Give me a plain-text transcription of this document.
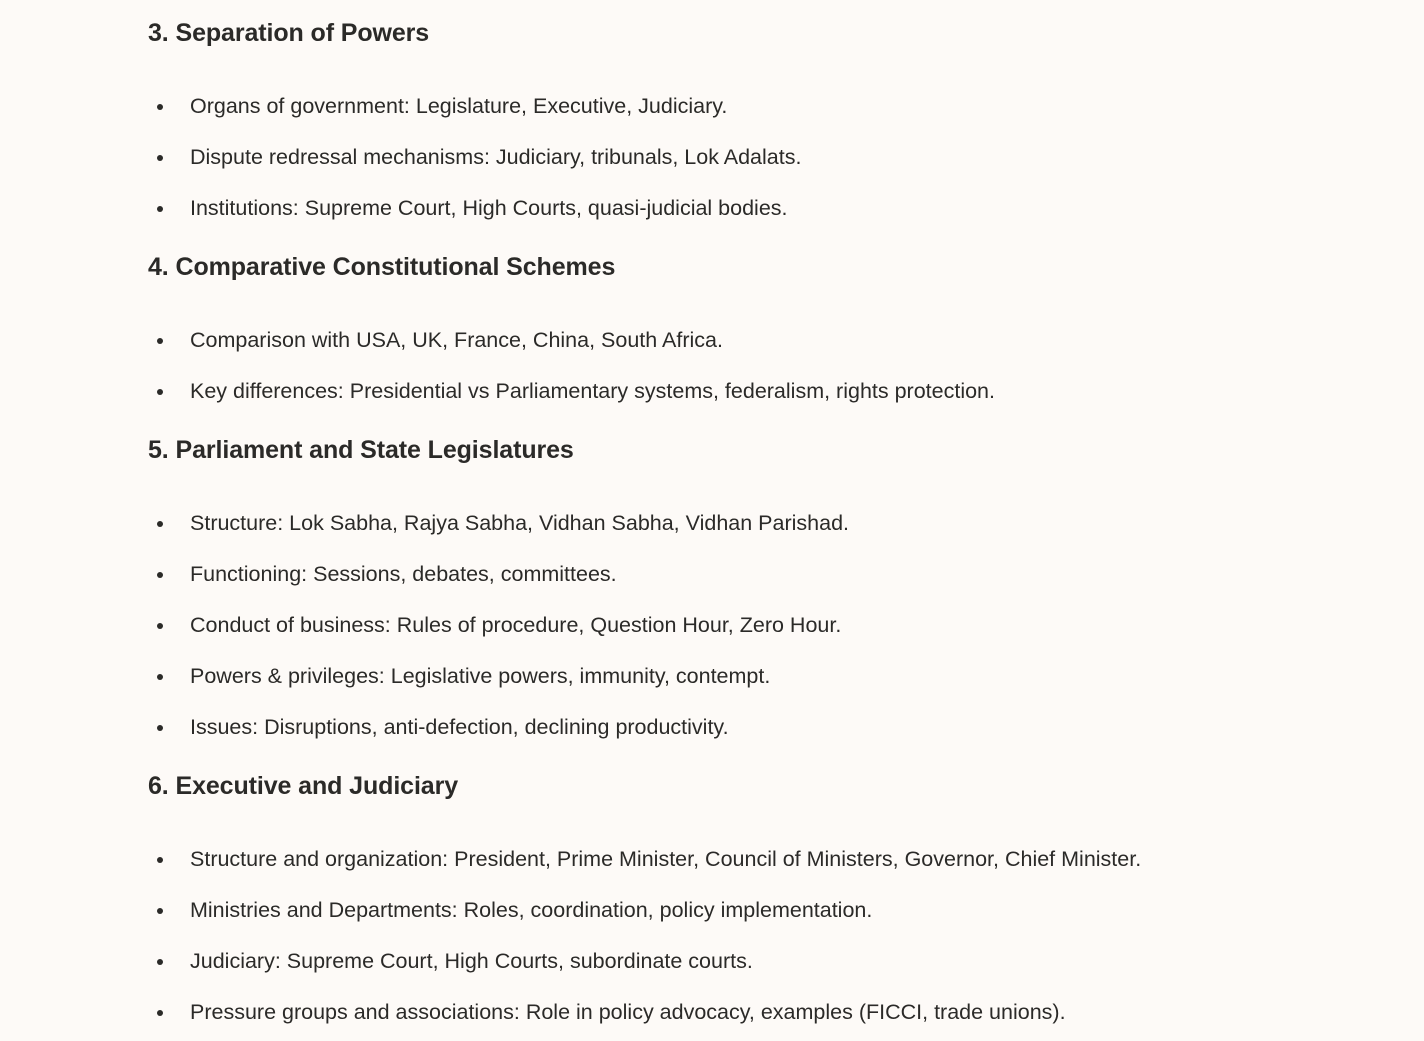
3. Separation of Powers
Organs of government: Legislature, Executive, Judiciary.
Dispute redressal mechanisms: Judiciary, tribunals, Lok Adalats.
Institutions: Supreme Court, High Courts, quasi-judicial bodies.
4. Comparative Constitutional Schemes
Comparison with USA, UK, France, China, South Africa.
Key differences: Presidential vs Parliamentary systems, federalism, rights protection.
5. Parliament and State Legislatures
Structure: Lok Sabha, Rajya Sabha, Vidhan Sabha, Vidhan Parishad.
Functioning: Sessions, debates, committees.
Conduct of business: Rules of procedure, Question Hour, Zero Hour.
Powers & privileges: Legislative powers, immunity, contempt.
Issues: Disruptions, anti-defection, declining productivity.
6. Executive and Judiciary
Structure and organization: President, Prime Minister, Council of Ministers, Governor, Chief Minister.
Ministries and Departments: Roles, coordination, policy implementation.
Judiciary: Supreme Court, High Courts, subordinate courts.
Pressure groups and associations: Role in policy advocacy, examples (FICCI, trade unions).
